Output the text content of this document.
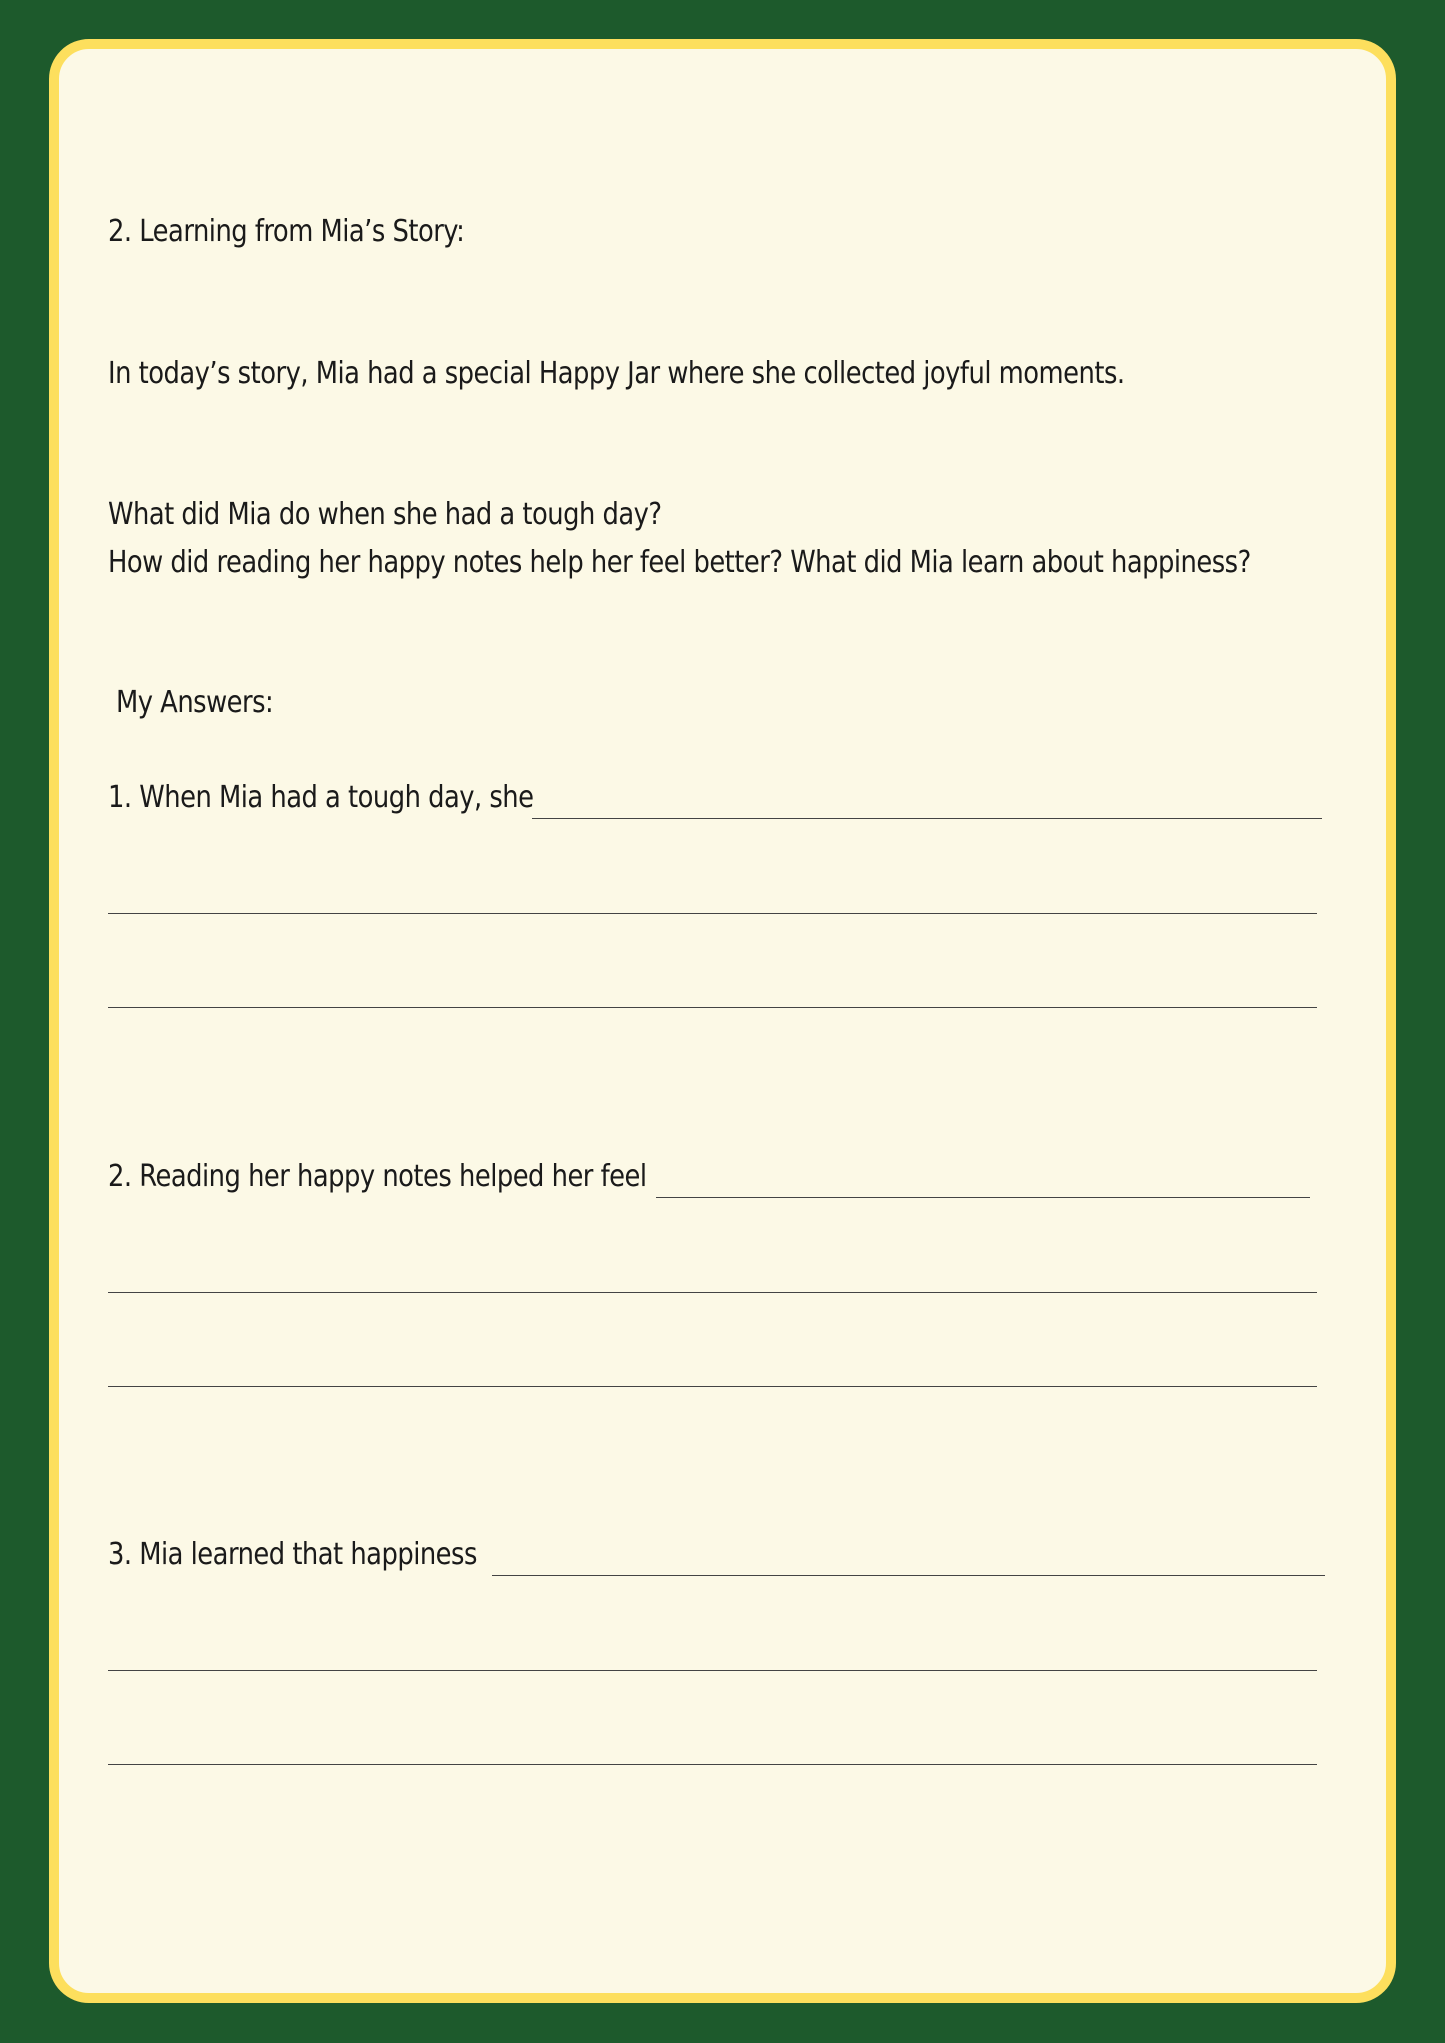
2. Learning from Mia’s Story:

In today’s story, Mia had a special Happy Jar where she collected joyful moments.

What did Mia do when she had a tough day?

How did reading her happy notes help her feel better? What did Mia learn about happiness?

My Answers:

1. When Mia had a tough day, she

2. Reading her happy notes helped her feel

3. Mia learned that happiness
